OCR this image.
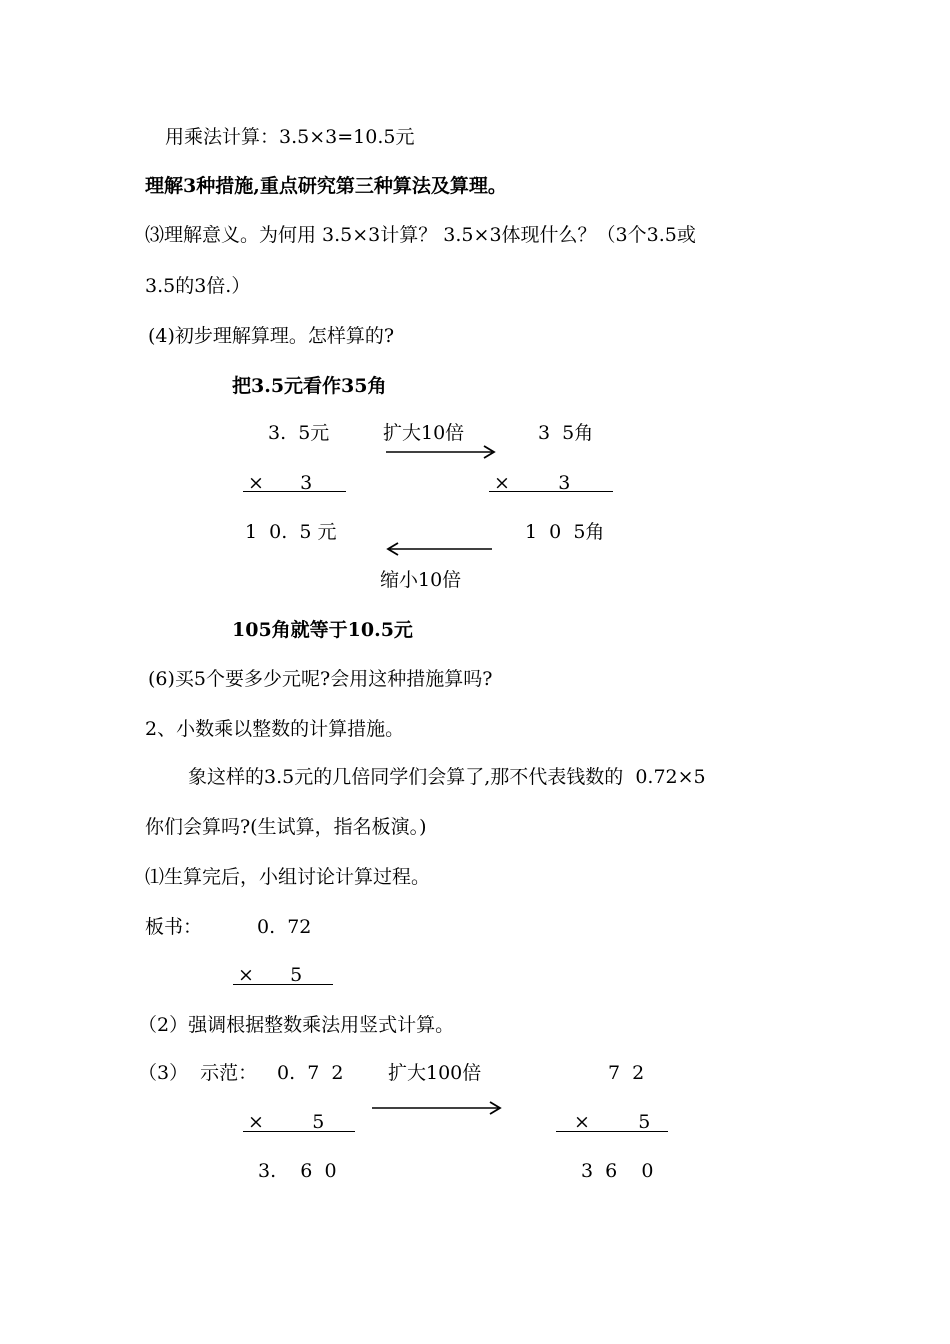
用乘法计算：3.5×3=10.5元
理解3种措施,重点研究第三种算法及算理。
⑶理解意义。为何用 3.5×3计算？ 3.5×3体现什么？（3个3.5或
3.5的3倍.）
(4)初步理解算理。怎样算的?
把3.5元看作35角
3.  5元	扩大10倍	3  5角
×      3	×        3
1  0.  5 元	1  0  5角
缩小10倍
105角就等于10.5元
(6)买5个要多少元呢?会用这种措施算吗?
2、小数乘以整数的计算措施。
象这样的3.5元的几倍同学们会算了,那不代表钱数的  0.72×5
你们会算吗?(生试算，指名板演。)
⑴生算完后，小组讨论计算过程。
板书：	0.  72
×      5
（2）强调根据整数乘法用竖式计算。
（3）  示范： 0.  7  2 扩大100倍	7  2
×        5	×        5
3.    6  0	3  6    0
